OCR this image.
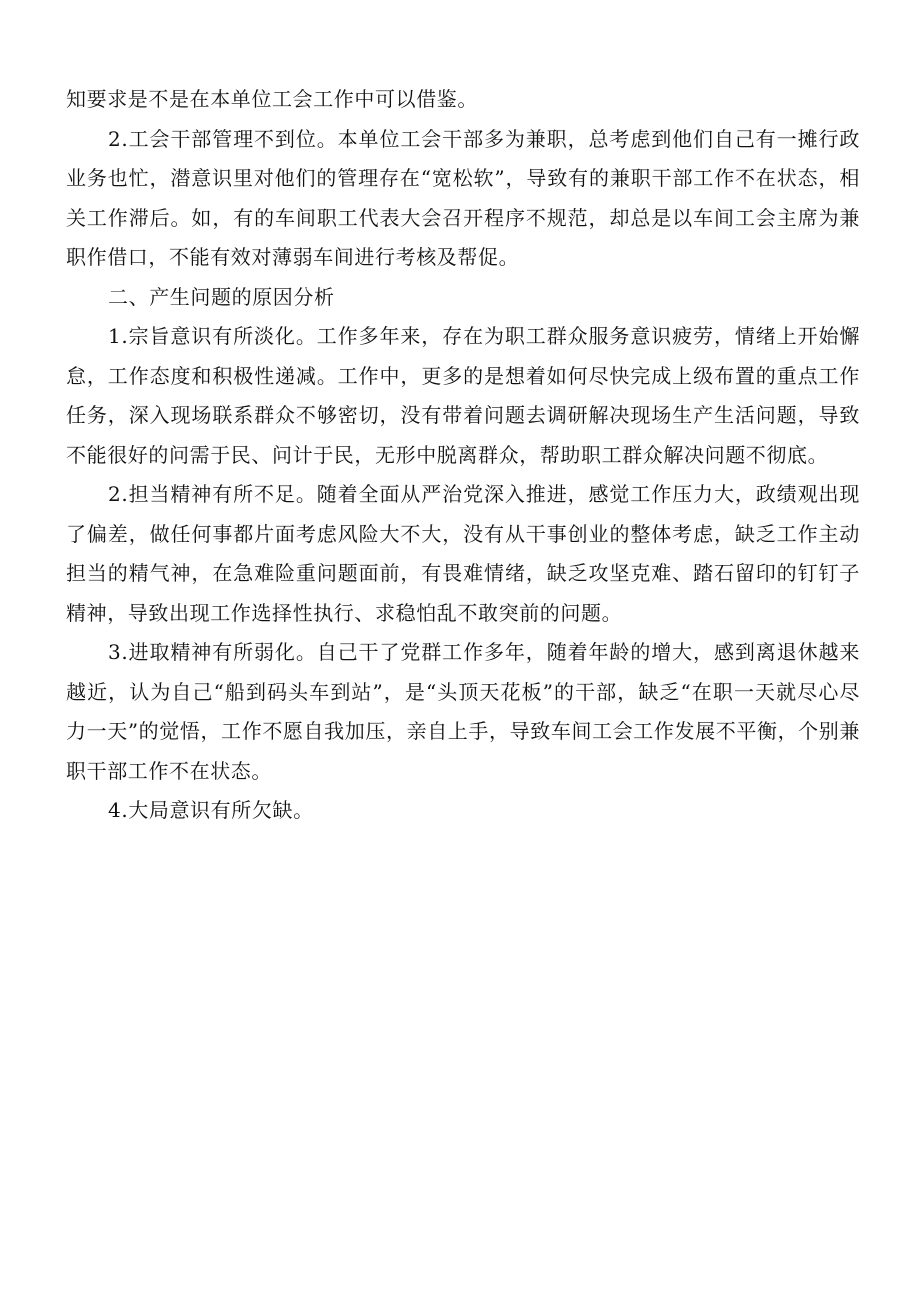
知要求是不是在本单位工会工作中可以借鉴。

2.工会干部管理不到位。本单位工会干部多为兼职，总考虑到他们自己有一摊行政业务也忙，潜意识里对他们的管理存在“宽松软”，导致有的兼职干部工作不在状态，相关工作滞后。如，有的车间职工代表大会召开程序不规范，却总是以车间工会主席为兼职作借口，不能有效对薄弱车间进行考核及帮促。

二、产生问题的原因分析

1.宗旨意识有所淡化。工作多年来，存在为职工群众服务意识疲劳，情绪上开始懈怠，工作态度和积极性递减。工作中，更多的是想着如何尽快完成上级布置的重点工作任务，深入现场联系群众不够密切，没有带着问题去调研解决现场生产生活问题，导致不能很好的问需于民、问计于民，无形中脱离群众，帮助职工群众解决问题不彻底。

2.担当精神有所不足。随着全面从严治党深入推进，感觉工作压力大，政绩观出现了偏差，做任何事都片面考虑风险大不大，没有从干事创业的整体考虑，缺乏工作主动担当的精气神，在急难险重问题面前，有畏难情绪，缺乏攻坚克难、踏石留印的钉钉子精神，导致出现工作选择性执行、求稳怕乱不敢突前的问题。

3.进取精神有所弱化。自己干了党群工作多年，随着年龄的增大，感到离退休越来越近，认为自己“船到码头车到站”，是“头顶天花板”的干部，缺乏“在职一天就尽心尽力一天”的觉悟，工作不愿自我加压，亲自上手，导致车间工会工作发展不平衡，个别兼职干部工作不在状态。

4.大局意识有所欠缺。
